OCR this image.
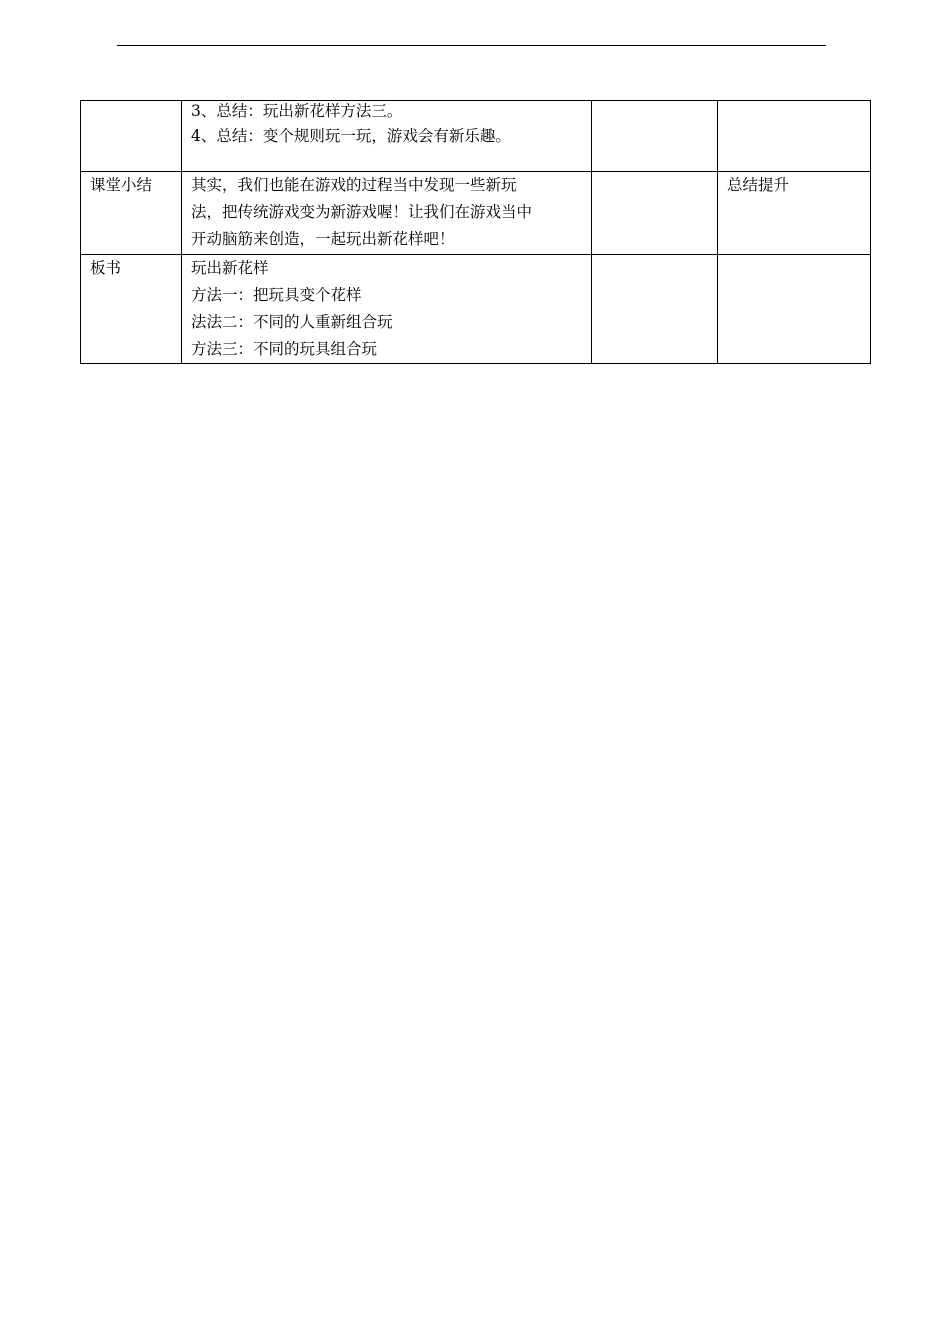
	3、总结：玩出新花样方法三。
4、总结：变个规则玩一玩，游戏会有新乐趣。		

课堂小结	其实，我们也能在游戏的过程当中发现一些新玩
法，把传统游戏变为新游戏喔！让我们在游戏当中
开动脑筋来创造，一起玩出新花样吧！		总结提升
板书	玩出新花样
方法一：把玩具变个花样
法法二：不同的人重新组合玩
方法三：不同的玩具组合玩		
